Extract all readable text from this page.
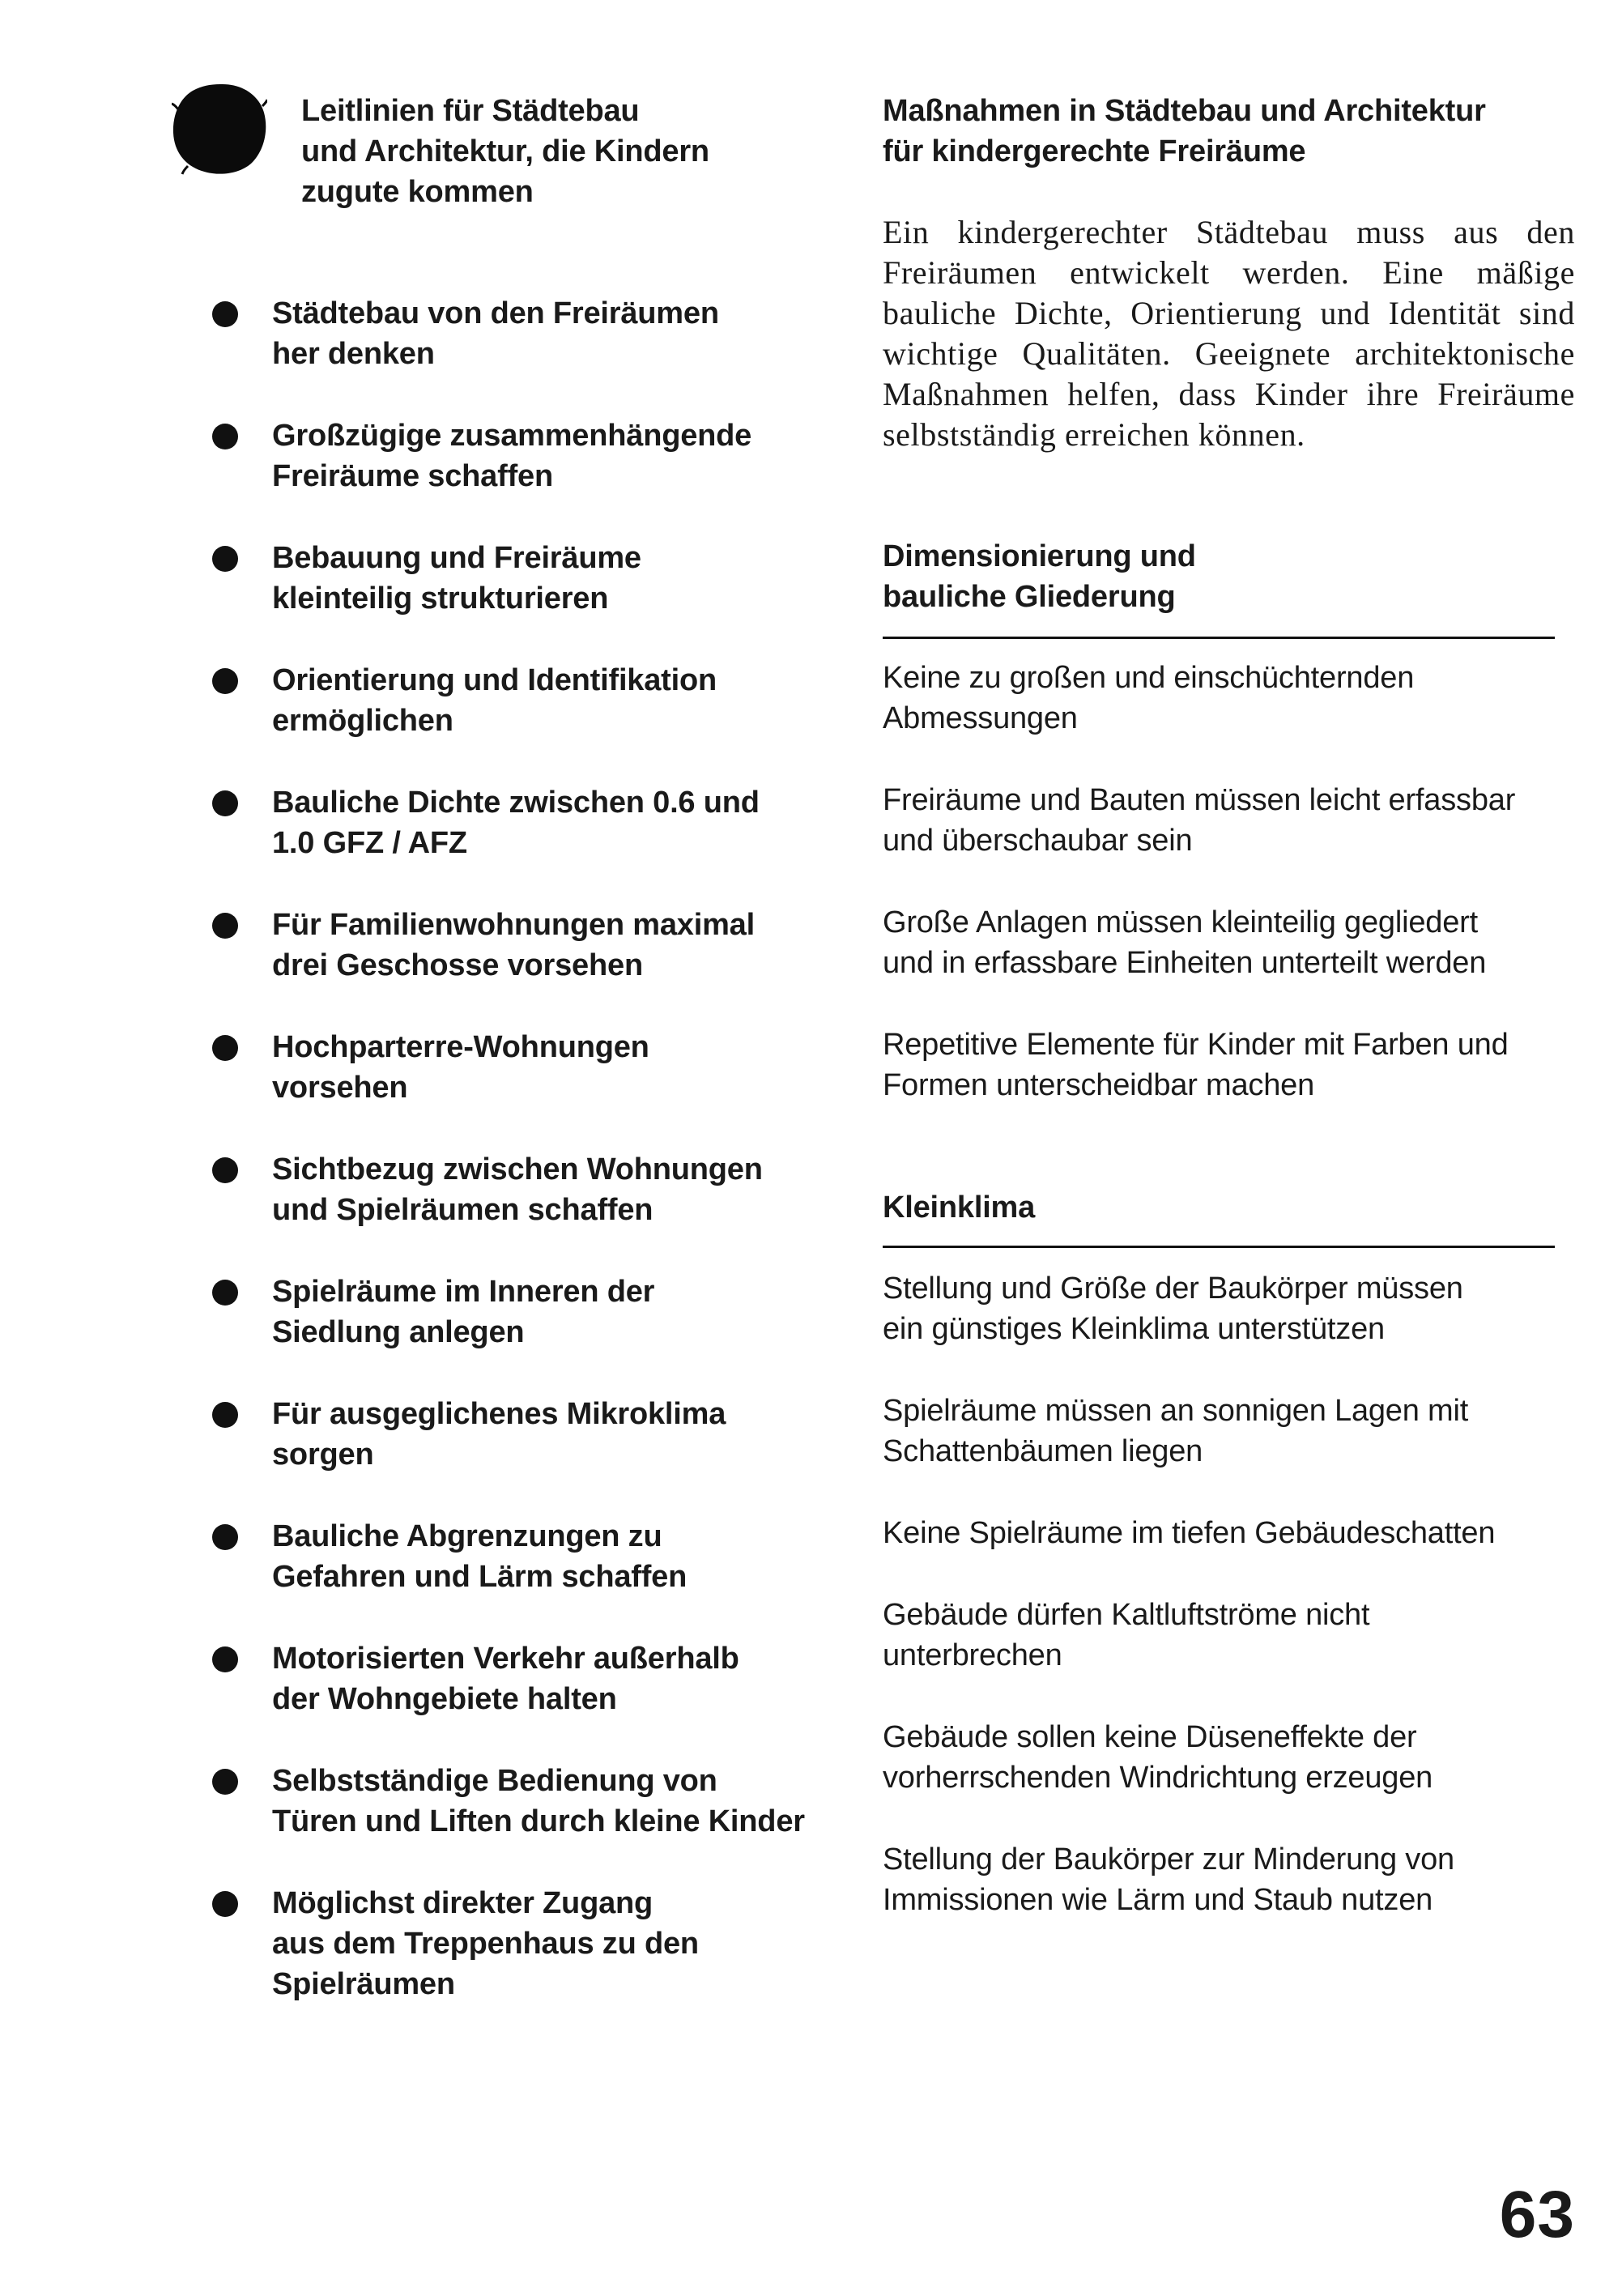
Leitlinien für Städtebau
und Architektur, die Kindern
zugute kommen
Städtebau von den Freiräumen
her denken
Großzügige zusammenhängende
Freiräume schaffen
Bebauung und Freiräume
kleinteilig strukturieren
Orientierung und Identifikation
ermöglichen
Bauliche Dichte zwischen 0.6 und
1.0 GFZ / AFZ
Für Familienwohnungen maximal
drei Geschosse vorsehen
Hochparterre-Wohnungen
vorsehen
Sichtbezug zwischen Wohnungen
und Spielräumen schaffen
Spielräume im Inneren der
Siedlung anlegen
Für ausgeglichenes Mikroklima
sorgen
Bauliche Abgrenzungen zu
Gefahren und Lärm schaffen
Motorisierten Verkehr außerhalb
der Wohngebiete halten
Selbstständige Bedienung von
Türen und Liften durch kleine Kinder
Möglichst direkter Zugang
aus dem Treppenhaus zu den
Spielräumen
Maßnahmen in Städtebau und Architektur
für kindergerechte Freiräume

Ein kindergerechter Städtebau muss aus den Freiräumen entwickelt werden. Eine mäßige bauliche Dichte, Orientierung und Identität sind wichtige Qualitäten. Geeignete architektonische Maßnahmen helfen, dass Kinder ihre Freiräume selbstständig erreichen können.

Dimensionierung und
bauliche Gliederung
Keine zu großen und einschüchternden
Abmessungen
Freiräume und Bauten müssen leicht erfassbar
und überschaubar sein
Große Anlagen müssen kleinteilig gegliedert
und in erfassbare Einheiten unterteilt werden
Repetitive Elemente für Kinder mit Farben und
Formen unterscheidbar machen
Kleinklima
Stellung und Größe der Baukörper müssen
ein günstiges Kleinklima unterstützen
Spielräume müssen an sonnigen Lagen mit
Schattenbäumen liegen
Keine Spielräume im tiefen Gebäudeschatten
Gebäude dürfen Kaltluftströme nicht
unterbrechen
Gebäude sollen keine Düseneffekte der
vorherrschenden Windrichtung erzeugen
Stellung der Baukörper zur Minderung von
Immissionen wie Lärm und Staub nutzen
63
